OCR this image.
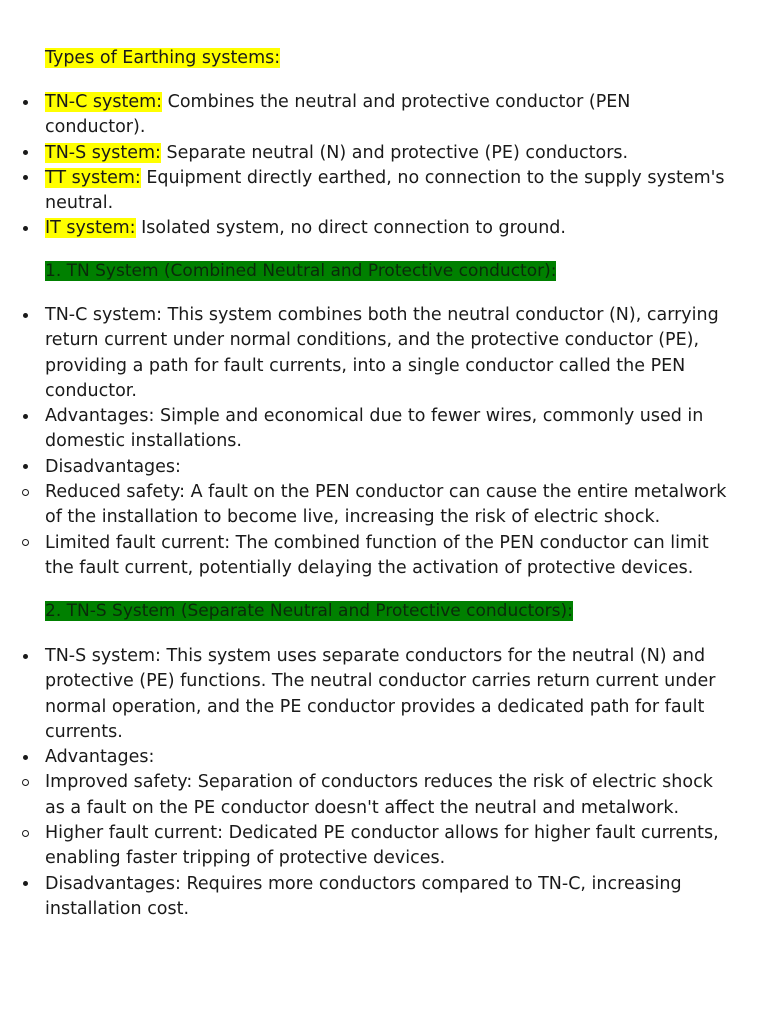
Types of Earthing systems:
TN-C system: Combines the neutral and protective conductor (PEN conductor).
TN-S system: Separate neutral (N) and protective (PE) conductors.
TT system: Equipment directly earthed, no connection to the supply system's neutral.
IT system: Isolated system, no direct connection to ground.
1. TN System (Combined Neutral and Protective conductor):
TN-C system: This system combines both the neutral conductor (N), carrying return current under normal conditions, and the protective conductor (PE), providing a path for fault currents, into a single conductor called the PEN conductor.
Advantages: Simple and economical due to fewer wires, commonly used in domestic installations.
Disadvantages:
Reduced safety: A fault on the PEN conductor can cause the entire metalwork of the installation to become live, increasing the risk of electric shock.
Limited fault current: The combined function of the PEN conductor can limit the fault current, potentially delaying the activation of protective devices.
2. TN-S System (Separate Neutral and Protective conductors):
TN-S system: This system uses separate conductors for the neutral (N) and protective (PE) functions. The neutral conductor carries return current under normal operation, and the PE conductor provides a dedicated path for fault currents.
Advantages:
Improved safety: Separation of conductors reduces the risk of electric shock as a fault on the PE conductor doesn't affect the neutral and metalwork.
Higher fault current: Dedicated PE conductor allows for higher fault currents, enabling faster tripping of protective devices.
Disadvantages: Requires more conductors compared to TN-C, increasing installation cost.
